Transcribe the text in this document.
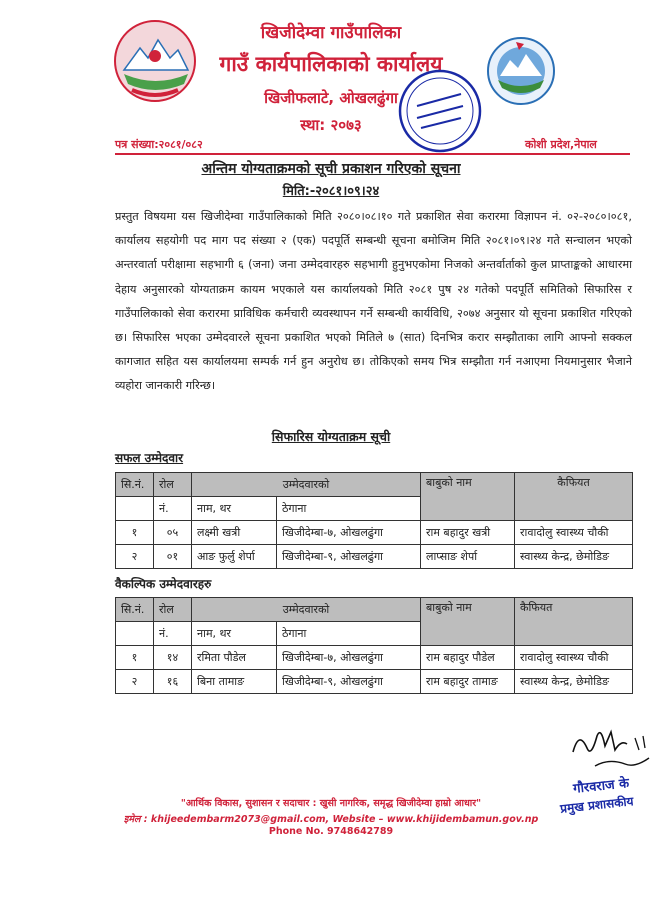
खिजीदेम्वा गाउँपालिका
गाउँ कार्यपालिकाको कार्यालय
खिजीफलाटे, ओखलढुंगा
स्था: २०७३
पत्र संख्या:२०८१/०८२	कोशी प्रदेश,नेपाल
अन्तिम योग्यताक्रमको सूची प्रकाशन गरिएको सूचना
मिति:-२०८१।०९।२४
प्रस्तुत विषयमा यस खिजीदेम्वा गाउँपालिकाको मिति २०८०।०८।१० गते प्रकाशित सेवा करारमा विज्ञापन नं. ०२-२०८०।०८१, कार्यालय सहयोगी पद माग पद संख्या २ (एक) पदपूर्ति सम्बन्धी सूचना बमोजिम मिति २०८१।०९।२४ गते सन्चालन भएको अन्तरवार्ता परीक्षामा सहभागी ६ (जना) जना उम्मेदवारहरु सहभागी हुनुभएकोमा निजको अन्तर्वार्ताको कुल प्राप्ताङ्कको आधारमा देहाय अनुसारको योग्यताक्रम कायम भएकाले यस कार्यालयको मिति २०८१ पुष २४ गतेको पदपूर्ति समितिको सिफारिस र गाउँपालिकाको सेवा करारमा प्राविधिक कर्मचारी व्यवस्थापन गर्ने सम्बन्धी कार्यविधि, २०७४ अनुसार यो सूचना प्रकाशित गरिएको छ। सिफारिस भएका उम्मेदवारले सूचना प्रकाशित भएको मितिले ७ (सात) दिनभित्र करार सम्झौताका लागि आफ्नो सक्कल कागजात सहित यस कार्यालयमा सम्पर्क गर्न हुन अनुरोध छ। तोकिएको समय भित्र सम्झौता गर्न नआएमा नियमानुसार भैजाने व्यहोरा जानकारी गरिन्छ।
सिफारिस योग्यताक्रम सूची
सफल उम्मेदवार
सि.नं.	रोल	उम्मेदवारको		बाबुको नाम	कैफियत
	नं.	नाम, थर	ठेगाना		
१	०५	लक्ष्मी खत्री	खिजीदेम्बा-७, ओखलढुंगा	राम बहादुर खत्री	रावादोलु स्वास्थ्य चौकी
२	०१	आङ फुर्लु शेर्पा	खिजीदेम्बा-९, ओखलढुंगा	लाप्साङ शेर्पा	स्वास्थ्य केन्द्र, छेमोडिङ
वैकल्पिक उम्मेदवारहरु
सि.नं.	रोल	उम्मेदवारको		बाबुको नाम	कैफियत
	नं.	नाम, थर	ठेगाना		
१	१४	रमिता पौडेल	खिजीदेम्बा-७, ओखलढुंगा	राम बहादुर पौडेल	रावादोलु स्वास्थ्य चौकी
२	१६	बिना तामाङ	खिजीदेम्बा-९, ओखलढुंगा	राम बहादुर तामाङ	स्वास्थ्य केन्द्र, छेमोडिङ
गौरवराज के
प्रमुख प्रशासकीय
"आर्थिक विकास, सुशासन र सदाचार : खुसी नागरिक, समृद्ध खिजीदेम्वा हाम्रो आधार"
इमेल : khijeedembarm2073@gmail.com, Website – www.khijidembamun.gov.np
Phone No. 9748642789
